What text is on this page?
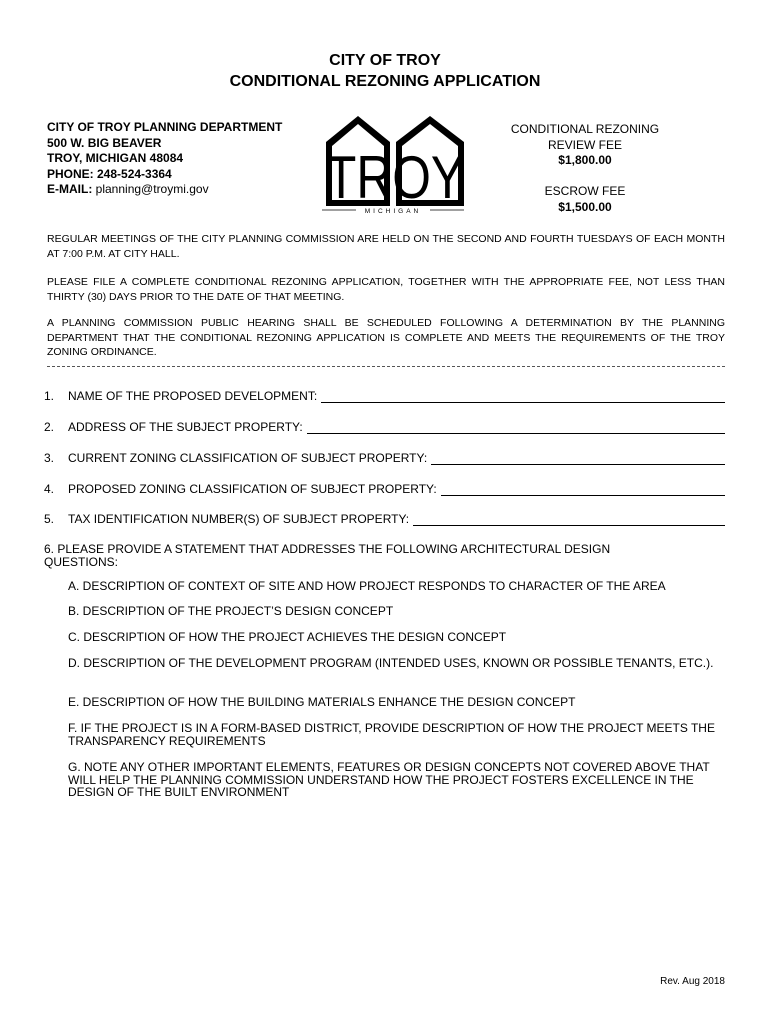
CITY OF TROY
CONDITIONAL REZONING APPLICATION
CITY OF TROY PLANNING DEPARTMENT
500 W. BIG BEAVER
TROY, MICHIGAN 48084
PHONE: 248-524-3364
E-MAIL: planning@troymi.gov	TROY
MICHIGAN
CONDITIONAL REZONING
REVIEW FEE
$1,800.00
ESCROW FEE
$1,500.00
REGULAR MEETINGS OF THE CITY PLANNING COMMISSION ARE HELD ON THE SECOND AND FOURTH TUESDAYS OF EACH MONTH AT 7:00 P.M. AT CITY HALL.
PLEASE FILE A COMPLETE CONDITIONAL REZONING APPLICATION, TOGETHER WITH THE APPROPRIATE FEE, NOT LESS THAN THIRTY (30) DAYS PRIOR TO THE DATE OF THAT MEETING.
A PLANNING COMMISSION PUBLIC HEARING SHALL BE SCHEDULED FOLLOWING A DETERMINATION BY THE PLANNING DEPARTMENT THAT THE CONDITIONAL REZONING APPLICATION IS COMPLETE AND MEETS THE REQUIREMENTS OF THE TROY ZONING ORDINANCE.
1.	NAME OF THE PROPOSED DEVELOPMENT:
2.	ADDRESS OF THE SUBJECT PROPERTY:
3.	CURRENT ZONING CLASSIFICATION OF SUBJECT PROPERTY:
4.	PROPOSED ZONING CLASSIFICATION OF SUBJECT PROPERTY:
5.	TAX IDENTIFICATION NUMBER(S) OF SUBJECT PROPERTY:
6. PLEASE PROVIDE A STATEMENT THAT ADDRESSES THE FOLLOWING ARCHITECTURAL DESIGN QUESTIONS:
A. DESCRIPTION OF CONTEXT OF SITE AND HOW PROJECT RESPONDS TO CHARACTER OF THE AREA
B. DESCRIPTION OF THE PROJECT’S DESIGN CONCEPT
C. DESCRIPTION OF HOW THE PROJECT ACHIEVES THE DESIGN CONCEPT
D. DESCRIPTION OF THE DEVELOPMENT PROGRAM (INTENDED USES, KNOWN OR POSSIBLE TENANTS, ETC.).
E. DESCRIPTION OF HOW THE BUILDING MATERIALS ENHANCE THE DESIGN CONCEPT
F. IF THE PROJECT IS IN A FORM-BASED DISTRICT, PROVIDE DESCRIPTION OF HOW THE PROJECT MEETS THE TRANSPARENCY REQUIREMENTS
G. NOTE ANY OTHER IMPORTANT ELEMENTS, FEATURES OR DESIGN CONCEPTS NOT COVERED ABOVE THAT WILL HELP THE PLANNING COMMISSION UNDERSTAND HOW THE PROJECT FOSTERS EXCELLENCE IN THE DESIGN OF THE BUILT ENVIRONMENT
Rev. Aug 2018
